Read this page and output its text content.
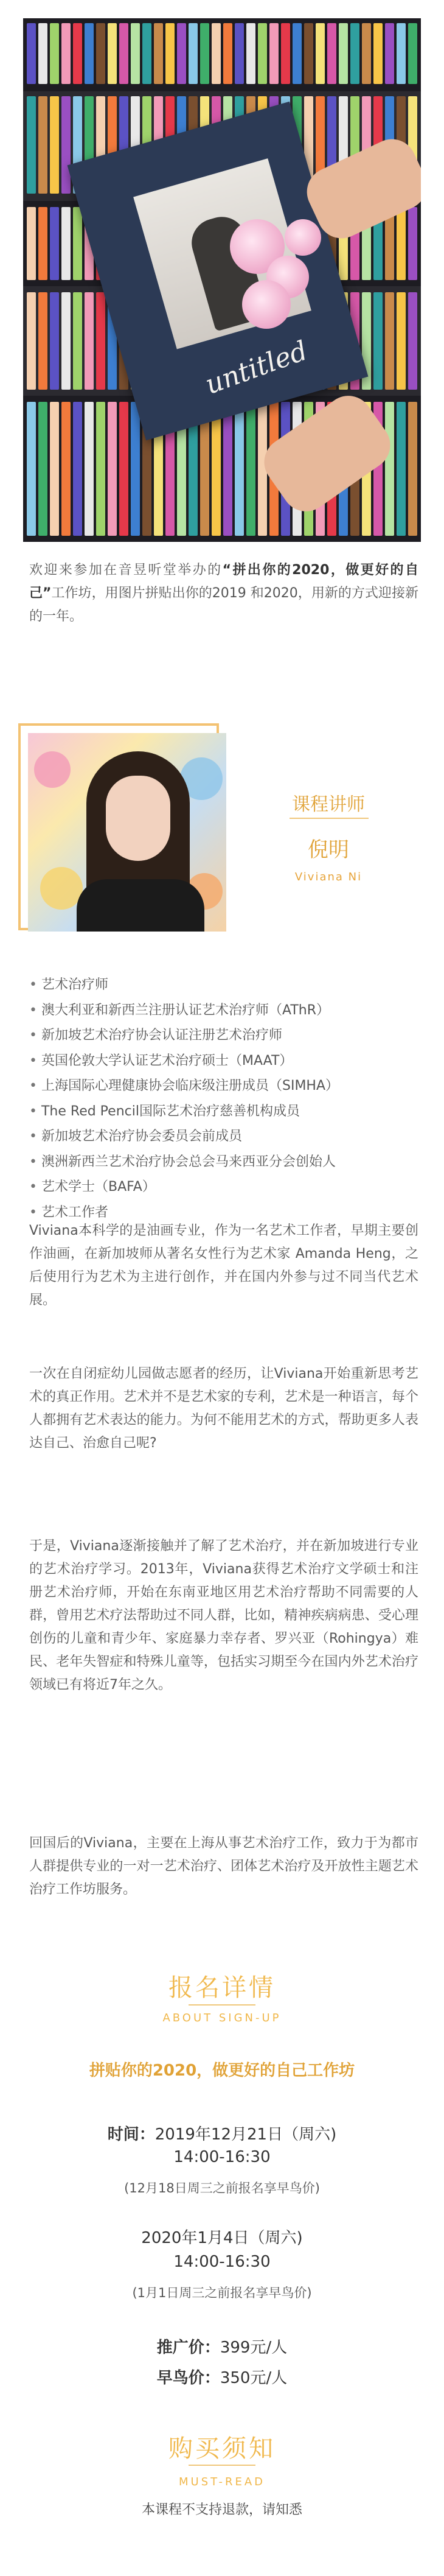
untitled
欢迎来参加在音昱听堂举办的“拼出你的2020，做更好的自己”工作坊，用图片拼贴出你的2019 和2020，用新的方式迎接新的一年。
课程讲师
倪明
Viviana Ni
• 艺术治疗师
• 澳大利亚和新西兰注册认证艺术治疗师（AThR）
• 新加坡艺术治疗协会认证注册艺术治疗师
• 英国伦敦大学认证艺术治疗硕士（MAAT）
• 上海国际心理健康协会临床级注册成员（SIMHA）
• The Red Pencil国际艺术治疗慈善机构成员
• 新加坡艺术治疗协会委员会前成员
• 澳洲新西兰艺术治疗协会总会马来西亚分会创始人
• 艺术学士（BAFA）
• 艺术工作者
Viviana本科学的是油画专业，作为一名艺术工作者，早期主要创作油画，在新加坡师从著名女性行为艺术家 Amanda Heng，之后使用行为艺术为主进行创作，并在国内外参与过不同当代艺术展。
一次在自闭症幼儿园做志愿者的经历，让Viviana开始重新思考艺术的真正作用。艺术并不是艺术家的专利，艺术是一种语言，每个人都拥有艺术表达的能力。为何不能用艺术的方式，帮助更多人表达自己、治愈自己呢?
于是，Viviana逐渐接触并了解了艺术治疗，并在新加坡进行专业的艺术治疗学习。2013年，Viviana获得艺术治疗文学硕士和注册艺术治疗师，开始在东南亚地区用艺术治疗帮助不同需要的人群，曾用艺术疗法帮助过不同人群，比如，精神疾病病患、受心理创伤的儿童和青少年、家庭暴力幸存者、罗兴亚（Rohingya）难民、老年失智症和特殊儿童等，包括实习期至今在国内外艺术治疗领域已有将近7年之久。
回国后的Viviana，主要在上海从事艺术治疗工作，致力于为都市人群提供专业的一对一艺术治疗、团体艺术治疗及开放性主题艺术治疗工作坊服务。
报名详情
ABOUT SIGN-UP
拼贴你的2020，做更好的自己工作坊
时间：2019年12月21日（周六)
14:00-16:30
(12月18日周三之前报名享早鸟价)
2020年1月4日（周六)
14:00-16:30
(1月1日周三之前报名享早鸟价)
推广价：399元/人
早鸟价：350元/人
购买须知
MUST-READ
本课程不支持退款，请知悉
